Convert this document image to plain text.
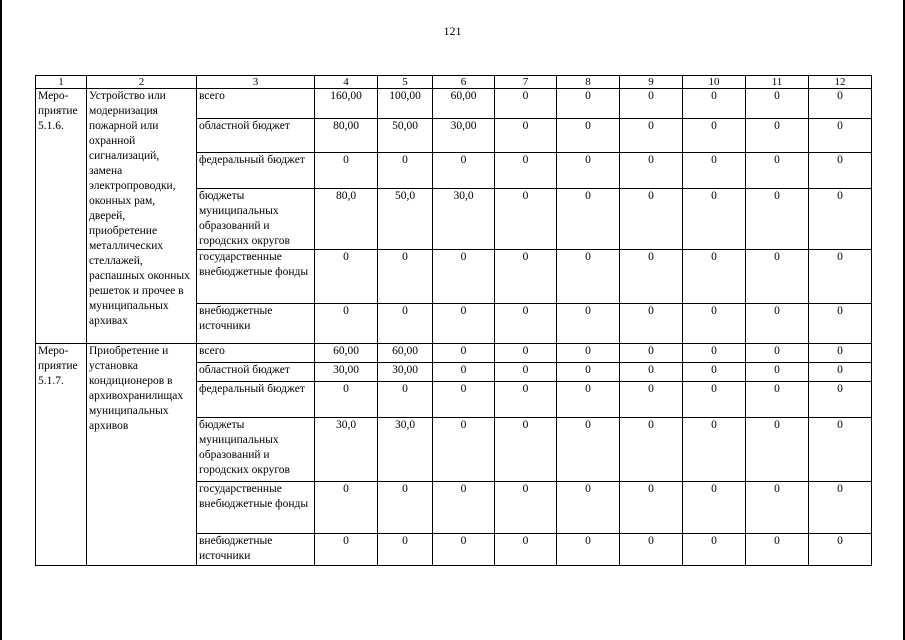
121
1	2	3	4	5	6	7	8	9	10	11	12
Меро-приятие 5.1.6.	Устройство или модернизация пожарной или охранной сигнализаций, замена электропроводки, оконных рам, дверей, приобретение металлических стеллажей, распашных оконных решеток и прочее в муниципальных архивах	всего	160,00	100,00	60,00	0	0	0	0	0	0
		областной бюджет	80,00	50,00	30,00	0	0	0	0	0	0
		федеральный бюджет	0	0	0	0	0	0	0	0	0
		бюджеты муниципальных образований и городских округов	80,0	50,0	30,0	0	0	0	0	0	0
		государственные внебюджетные фонды	0	0	0	0	0	0	0	0	0
		внебюджетные источники	0	0	0	0	0	0	0	0	0
Меро-приятие 5.1.7.	Приобретение и установка кондиционеров в архивохранилищах муниципальных архивов	всего	60,00	60,00	0	0	0	0	0	0	0
		областной бюджет	30,00	30,00	0	0	0	0	0	0	0
		федеральный бюджет	0	0	0	0	0	0	0	0	0
		бюджеты муниципальных образований и городских округов	30,0	30,0	0	0	0	0	0	0	0
		государственные внебюджетные фонды	0	0	0	0	0	0	0	0	0
		внебюджетные источники	0	0	0	0	0	0	0	0	0
